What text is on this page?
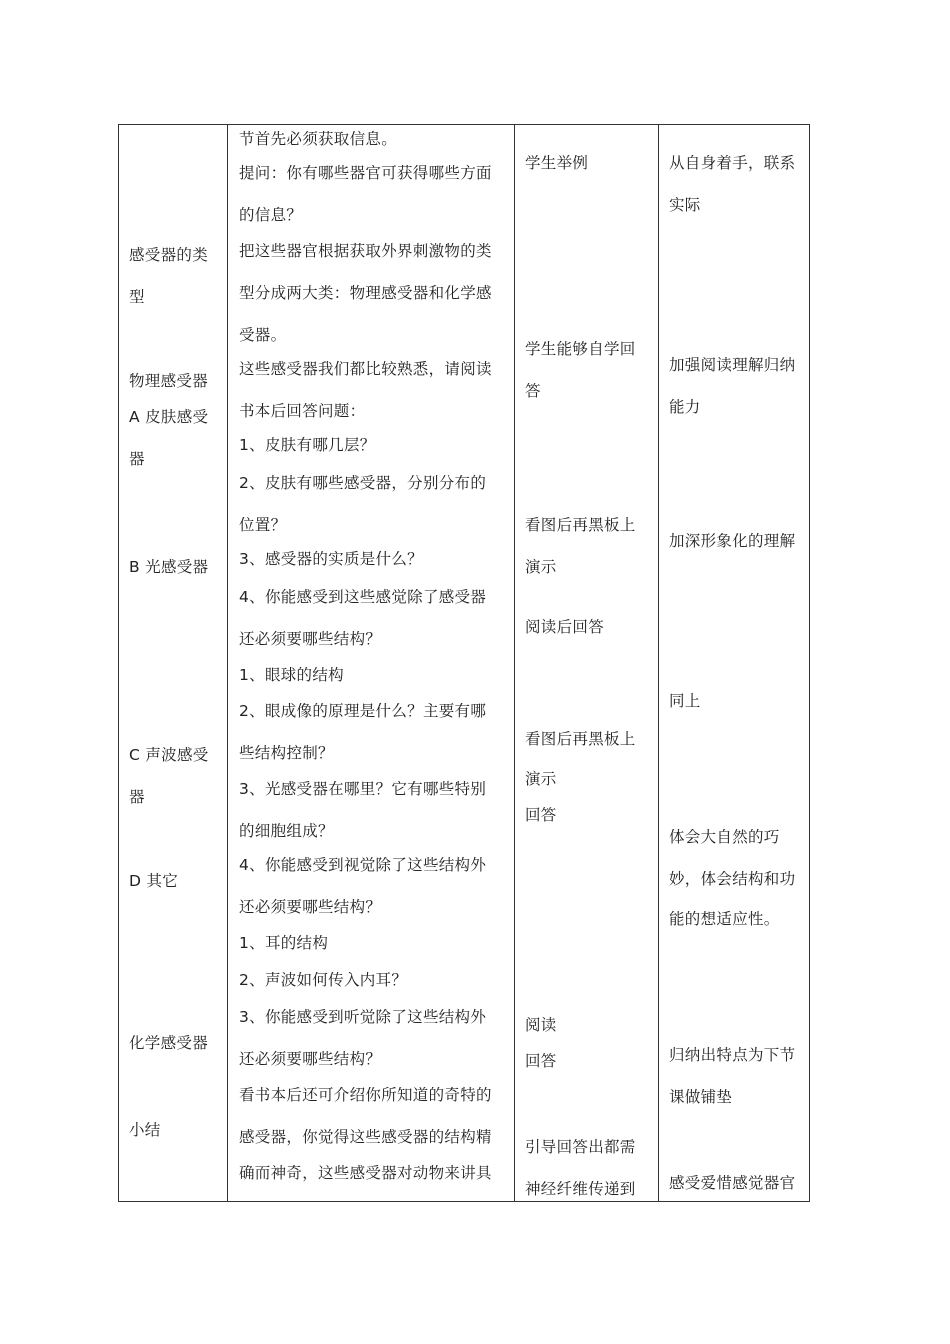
感受器的类
型
物理感受器
A 皮肤感受
器
B 光感受器
C 声波感受
器
D 其它
化学感受器
小结
节首先必须获取信息。
提问：你有哪些器官可获得哪些方面
的信息？
把这些器官根据获取外界刺激物的类
型分成两大类：物理感受器和化学感
受器。
这些感受器我们都比较熟悉，请阅读
书本后回答问题：
1、皮肤有哪几层？
2、皮肤有哪些感受器，分别分布的
位置？
3、感受器的实质是什么？
4、你能感受到这些感觉除了感受器
还必须要哪些结构？
1、眼球的结构
2、眼成像的原理是什么？主要有哪
些结构控制？
3、光感受器在哪里？它有哪些特别
的细胞组成？
4、你能感受到视觉除了这些结构外
还必须要哪些结构？
1、耳的结构
2、声波如何传入内耳？
3、你能感受到听觉除了这些结构外
还必须要哪些结构？
看书本后还可介绍你所知道的奇特的
感受器，你觉得这些感受器的结构精
确而神奇，这些感受器对动物来讲具
学生举例
学生能够自学回
答
看图后再黑板上
演示
阅读后回答
看图后再黑板上
演示
回答
阅读
回答
引导回答出都需
神经纤维传递到
从自身着手，联系
实际
加强阅读理解归纳
能力
加深形象化的理解
同上
体会大自然的巧
妙，体会结构和功
能的想适应性。
归纳出特点为下节
课做铺垫
感受爱惜感觉器官
